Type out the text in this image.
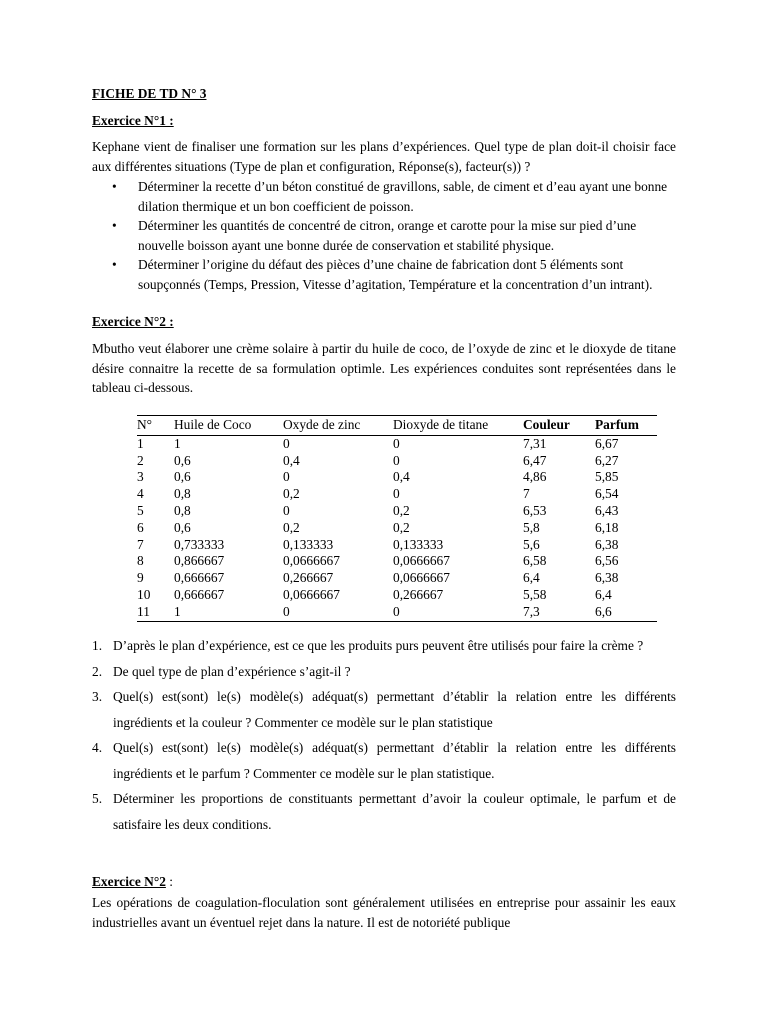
FICHE DE TD N° 3
Exercice N°1 :
Kephane vient de finaliser une formation sur les plans d’expériences. Quel type de plan doit-il choisir face aux différentes situations (Type de plan et configuration, Réponse(s), facteur(s)) ?
• Déterminer la recette d’un béton constitué de gravillons, sable, de ciment et d’eau ayant une bonne dilation thermique et un bon coefficient de poisson.
• Déterminer les quantités de concentré de citron, orange et carotte pour la mise sur pied d’une nouvelle boisson ayant une bonne durée de conservation et stabilité physique.
• Déterminer l’origine du défaut des pièces d’une chaine de fabrication dont 5 éléments sont soupçonnés (Temps, Pression, Vitesse d’agitation, Température et la concentration d’un intrant).
Exercice N°2 :
Mbutho veut élaborer une crème solaire à partir du huile de coco, de l’oxyde de zinc et le dioxyde de titane désire connaitre la recette de sa formulation optimle. Les expériences conduites sont représentées dans le tableau ci-dessous.
N°	Huile de Coco	Oxyde de zinc	Dioxyde de titane	Couleur	Parfum
1	1	0	0	7,31	6,67
2	0,6	0,4	0	6,47	6,27
3	0,6	0	0,4	4,86	5,85
4	0,8	0,2	0	7	6,54
5	0,8	0	0,2	6,53	6,43
6	0,6	0,2	0,2	5,8	6,18
7	0,733333	0,133333	0,133333	5,6	6,38
8	0,866667	0,0666667	0,0666667	6,58	6,56
9	0,666667	0,266667	0,0666667	6,4	6,38
10	0,666667	0,0666667	0,266667	5,58	6,4
11	1	0	0	7,3	6,6
1. D’après le plan d’expérience, est ce que les produits purs peuvent être utilisés pour faire la crème ?
2. De quel type de plan d’expérience s’agit-il ?
3. Quel(s) est(sont) le(s) modèle(s) adéquat(s) permettant d’établir la relation entre les différents ingrédients et la couleur ? Commenter ce modèle sur le plan statistique
4. Quel(s) est(sont) le(s) modèle(s) adéquat(s) permettant d’établir la relation entre les différents ingrédients et le parfum ? Commenter ce modèle sur le plan statistique.
5. Déterminer les proportions de constituants permettant d’avoir la couleur optimale, le parfum et de satisfaire les deux conditions.
Exercice N°2 :
Les opérations de coagulation-floculation sont généralement utilisées en entreprise pour assainir les eaux industrielles avant un éventuel rejet dans la nature. Il est de notoriété publique
